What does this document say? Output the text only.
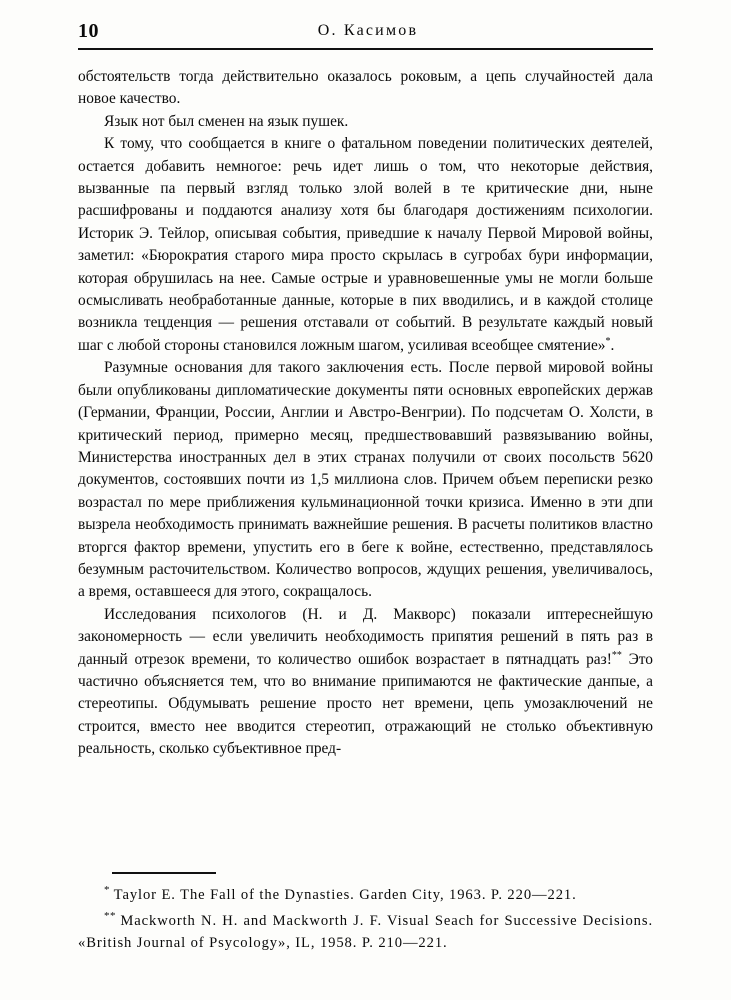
10	О. Касимов

обстоятельств тогда действительно оказалось роковым, а цепь случайностей дала новое качество.

Язык нот был сменен на язык пушек.

К тому, что сообщается в книге о фатальном поведении политических деятелей, остается добавить немногое: речь идет лишь о том, что некоторые действия, вызванные па первый взгляд только злой волей в те критические дни, ныне расшифрованы и поддаются анализу хотя бы благодаря достижениям психологии. Историк Э. Тейлор, описывая события, приведшие к началу Первой Мировой войны, заметил: «Бюрократия старого мира просто скрылась в сугробах бури информации, которая обрушилась на нее. Самые острые и уравновешенные умы не могли больше осмысливать необработанные данные, которые в пих вводились, и в каждой столице возникла тецденция — решения отставали от событий. В результате каждый новый шаг с любой стороны становился ложным шагом, усиливая всеобщее смятение»*.

Разумные основания для такого заключения есть. После первой мировой войны были опубликованы дипломатические документы пяти основных европейских держав (Германии, Франции, России, Англии и Австро-Венгрии). По подсчетам О. Холсти, в критический период, примерно месяц, предшествовавший развязыванию войны, Министерства иностранных дел в этих странах получили от своих посольств 5620 документов, состоявших почти из 1,5 миллиона слов. Причем объем переписки резко возрастал по мере приближения кульминационной точки кризиса. Именно в эти дпи вызрела необходимость принимать важнейшие решения. В расчеты политиков властно вторгся фактор времени, упустить его в беге к войне, естественно, представлялось безумным расточительством. Количество вопросов, ждущих решения, увеличивалось, а время, оставшееся для этого, сокращалось.

Исследования психологов (Н. и Д. Макворс) показали иптереснейшую закономерность — если увеличить необходимость припятия решений в пять раз в данный отрезок времени, то количество ошибок возрастает в пятнадцать раз!** Это частично объясняется тем, что во внимание припимаются не фактические данпые, а стереотипы. Обдумывать решение просто нет времени, цепь умозаключений не строится, вместо нее вводится стереотип, отражающий не столько объективную реальность, сколько субъективное пред-

* Taylor E. The Fall of the Dynasties. Garden City, 1963. P. 220—221.

** Mackworth N. H. and Mackworth J. F. Visual Seach for Successive Decisions. «British Journal of Psycology», IL, 1958. P. 210—221.
